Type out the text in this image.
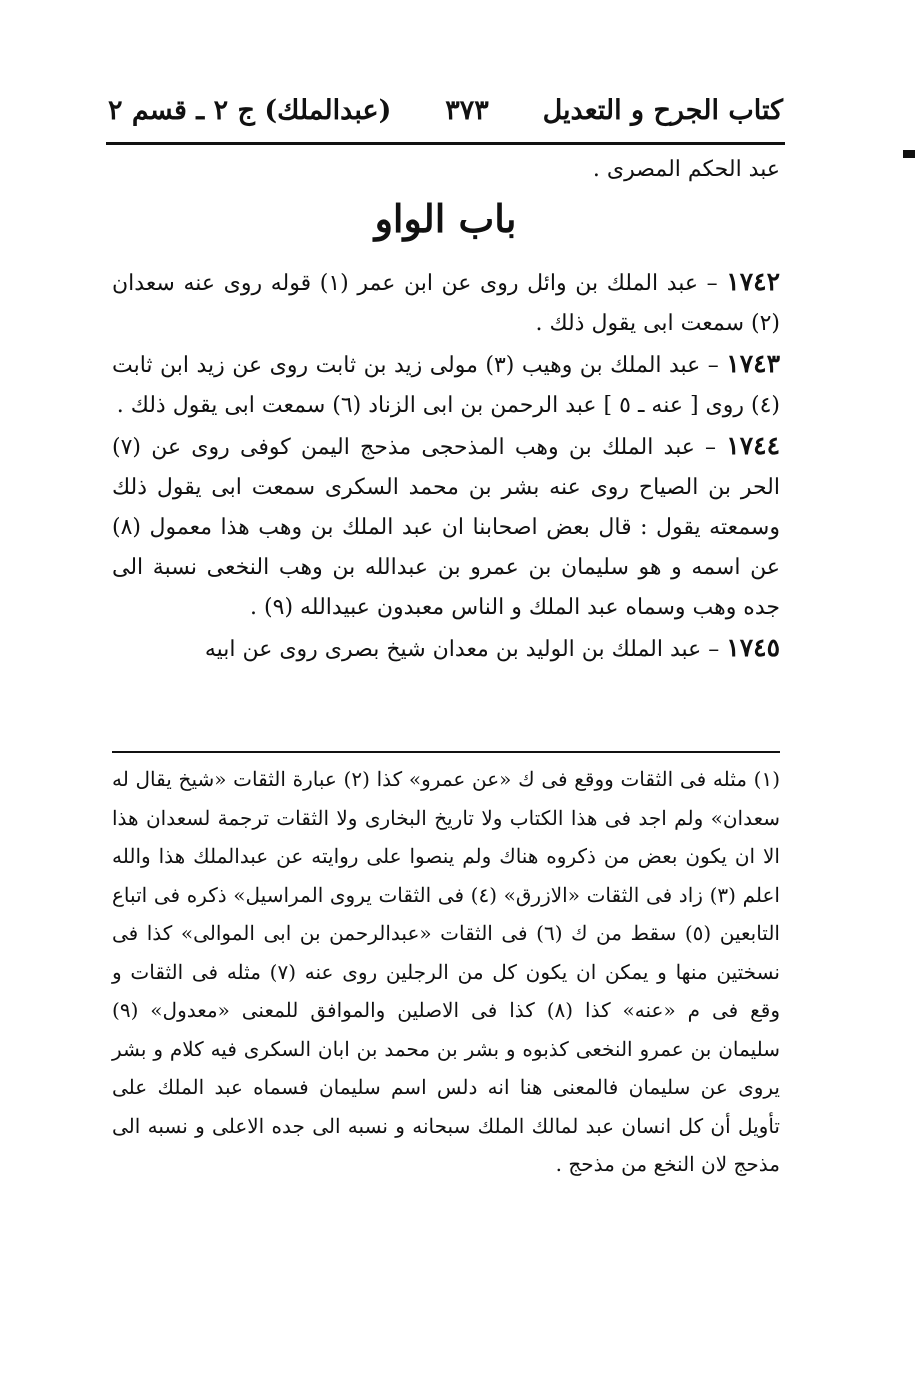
كتاب الجرح و التعديل
٣٧٣
(عبدالملك) ج ٢ ـ قسم ٢
باب الواو

عبد الحكم المصرى .

١٧٤٢ – عبد الملك بن وائل روى عن ابن عمر (١) قوله روى عنه سعدان (٢) سمعت ابى يقول ذلك .

١٧٤٣ – عبد الملك بن وهيب (٣) مولى زيد بن ثابت روى عن زيد ابن ثابت (٤) روى [ عنه ـ ٥ ] عبد الرحمن بن ابى الزناد (٦) سمعت ابى يقول ذلك .

١٧٤٤ – عبد الملك بن وهب المذحجى مذحج اليمن كوفى روى عن (٧) الحر بن الصياح روى عنه بشر بن محمد السكرى سمعت ابى يقول ذلك وسمعته يقول : قال بعض اصحابنا ان عبد الملك بن وهب هذا معمول (٨) عن اسمه و هو سليمان بن عمرو بن عبدالله بن وهب النخعى نسبة الى جده وهب وسماه عبد الملك و الناس معبدون عبيدالله (٩) .

١٧٤٥ – عبد الملك بن الوليد بن معدان شيخ بصرى روى عن ابيه

(١) مثله فى الثقات ووقع فى ك «عن عمرو» كذا (٢) عبارة الثقات «شيخ يقال له سعدان» ولم اجد فى هذا الكتاب ولا تاريخ البخارى ولا الثقات ترجمة لسعدان هذا الا ان يكون بعض من ذكروه هناك ولم ينصوا على روايته عن عبدالملك هذا والله اعلم (٣) زاد فى الثقات «الازرق» (٤) فى الثقات يروى المراسيل» ذكره فى اتباع التابعين (٥) سقط من ك (٦) فى الثقات «عبدالرحمن بن ابى الموالى» كذا فى نسختين منها و يمكن ان يكون كل من الرجلين روى عنه (٧) مثله فى الثقات و وقع فى م «عنه» كذا (٨) كذا فى الاصلين والموافق للمعنى «معدول» (٩) سليمان بن عمرو النخعى كذبوه و بشر بن محمد بن ابان السكرى فيه كلام و بشر يروى عن سليمان فالمعنى هنا انه دلس اسم سليمان فسماه عبد الملك على تأويل أن كل انسان عبد لمالك الملك سبحانه و نسبه الى جده الاعلى و نسبه الى مذحج لان النخع من مذحج .
